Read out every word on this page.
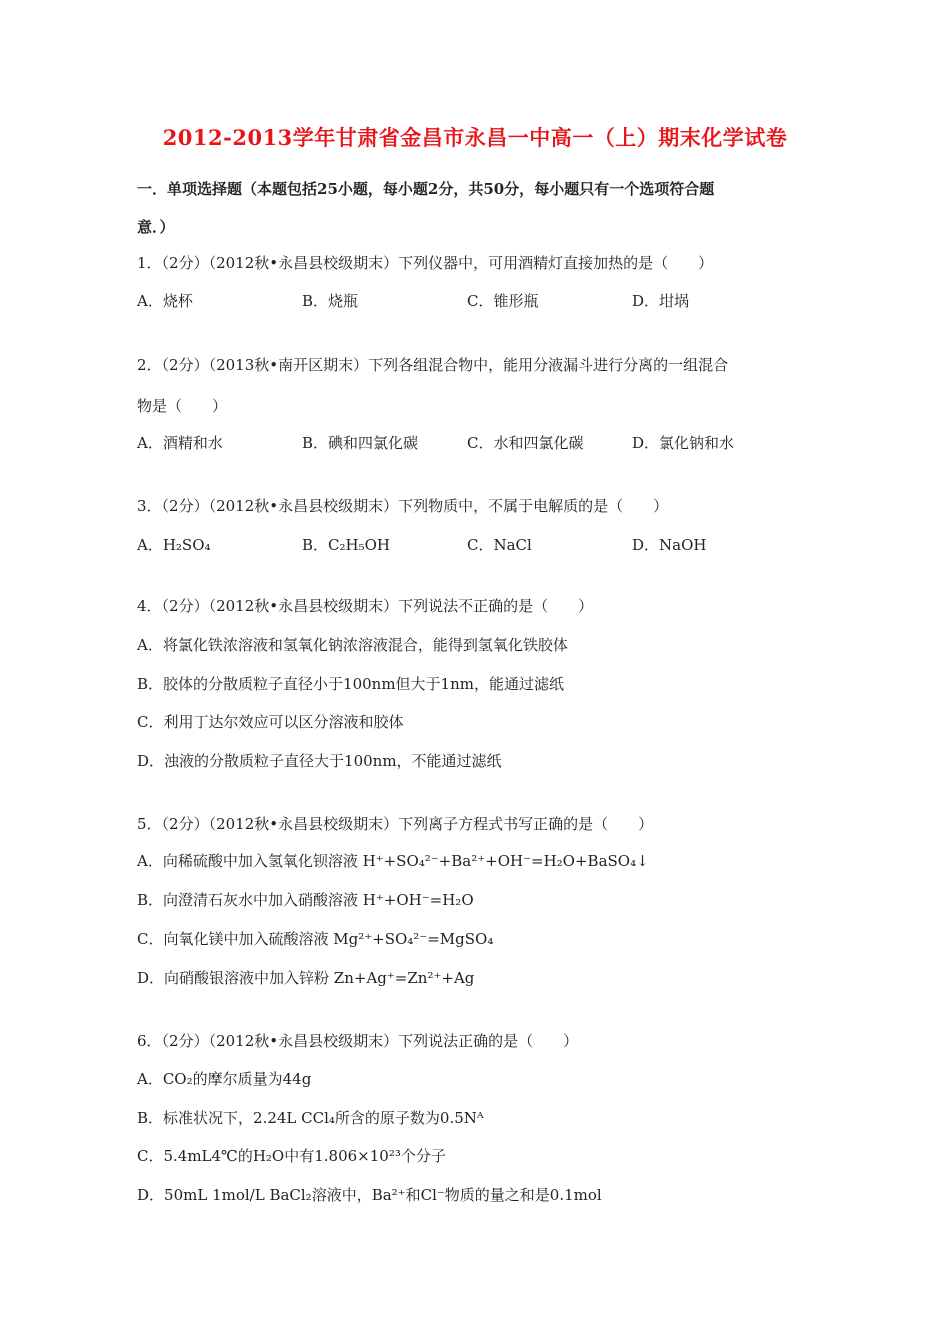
2012-2013学年甘肃省金昌市永昌一中高一（上）期末化学试卷
一．单项选择题（本题包括25小题，每小题2分，共50分，每小题只有一个选项符合题
意．）
1．（2分）（2012秋•永昌县校级期末）下列仪器中，可用酒精灯直接加热的是（　　）
A．烧杯	B．烧瓶	C．锥形瓶	D．坩埚
2．（2分）（2013秋•南开区期末）下列各组混合物中，能用分液漏斗进行分离的一组混合
物是（　　）
A．酒精和水	B．碘和四氯化碳	C．水和四氯化碳	D．氯化钠和水
3．（2分）（2012秋•永昌县校级期末）下列物质中，不属于电解质的是（　　）
A．H₂SO₄	B．C₂H₅OH	C．NaCl	D．NaOH
4．（2分）（2012秋•永昌县校级期末）下列说法不正确的是（　　）
A．将氯化铁浓溶液和氢氧化钠浓溶液混合，能得到氢氧化铁胶体
B．胶体的分散质粒子直径小于100nm但大于1nm，能通过滤纸
C．利用丁达尔效应可以区分溶液和胶体
D．浊液的分散质粒子直径大于100nm，不能通过滤纸
5．（2分）（2012秋•永昌县校级期末）下列离子方程式书写正确的是（　　）
A．向稀硫酸中加入氢氧化钡溶液 H⁺+SO₄²⁻+Ba²⁺+OH⁻=H₂O+BaSO₄↓
B．向澄清石灰水中加入硝酸溶液 H⁺+OH⁻=H₂O
C．向氧化镁中加入硫酸溶液 Mg²⁺+SO₄²⁻=MgSO₄
D．向硝酸银溶液中加入锌粉 Zn+Ag⁺=Zn²⁺+Ag
6．（2分）（2012秋•永昌县校级期末）下列说法正确的是（　　）
A．CO₂的摩尔质量为44g
B．标准状况下，2.24L CCl₄所含的原子数为0.5Nᴬ
C．5.4mL4℃的H₂O中有1.806×10²³个分子
D．50mL 1mol/L BaCl₂溶液中，Ba²⁺和Cl⁻物质的量之和是0.1mol
